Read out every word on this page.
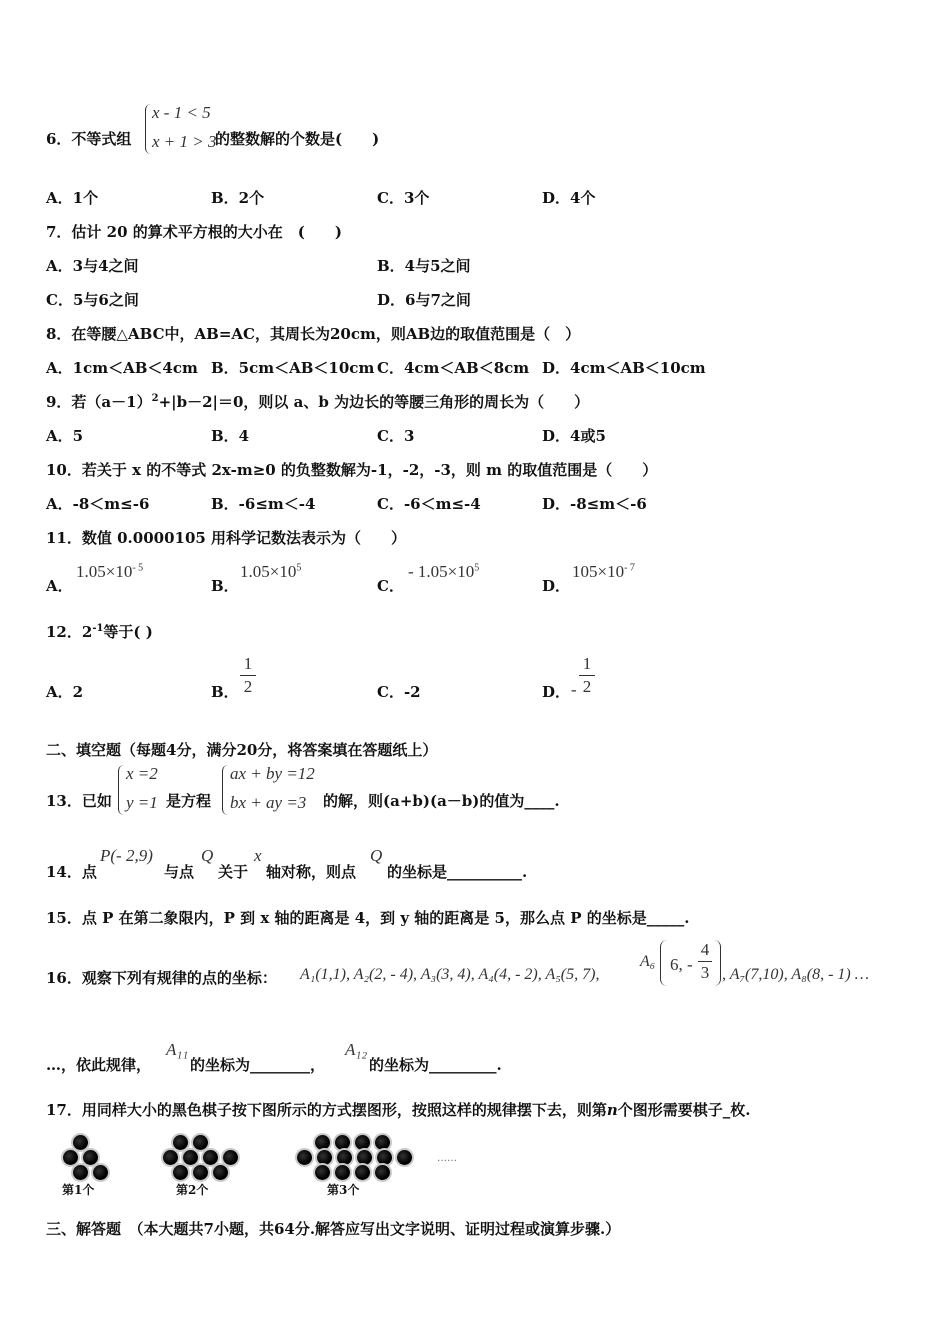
6．不等式组
x - 1 < 5
x + 1 > 3
的整数解的个数是(　　)
A．1个	B．2个	C．3个	D．4个
7．估计 20 的算术平方根的大小在　(　　)
A．3与4之间	B．4与5之间
C．5与6之间	D．6与7之间
8．在等腰△ABC中，AB=AC，其周长为20cm，则AB边的取值范围是（　）
A．1cm＜AB＜4cm B．5cm＜AB＜10cm C．4cm＜AB＜8cm D．4cm＜AB＜10cm
9．若$(a-1)^2+|b-2|=0$，则以 a、b 为边长的等腰三角形的周长为（　　）
A．5	B．4	C．3	D．4或5
10．若关于 x 的不等式 2x-m≥0 的负整数解为-1，-2，-3，则 m 的取值范围是（　　）
A．-8＜m≤-6	B．-6≤m＜-4	C．-6＜m≤-4	D．-8≤m＜-6
11．数值 0.0000105 用科学记数法表示为（　　）
A．
$1.05\times 10^{- 5}$
B．
$1.05\times 10^5$
C．
- $1.05\times 10^5$
D．
$105\times 10^{- 7}$
12．$2^{-1}$等于( )
A．2	B．
1
2	C．-2	D． -
1
2
二、填空题（每题4分，满分20分，将答案填在答题纸上）
13．已如
x =2
y =1 是方程
ax + by =12
bx + ay =3 的解，则(a+b)(a－b)的值为____.
14．点
P(- 2,9)
与点
Q
关于
x
轴对称，则点
Q
的坐标是__________.
15．点 P 在第二象限内，P 到 x 轴的距离是 4，到 y 轴的距离是 5，那么点 P 的坐标是_____.
16．观察下列有规律的点的坐标： A₁(1,1), A₂(2, - 4), A₃(3, 4), A₄(4, - 2), A₅(5, 7),
A₆ 6, -
4
3 , A₇(7,10), A₈(8, - 1) …
…，依此规律，
A₁₁
的坐标为________，
A₁₂
的坐标为_________.
17．用同样大小的黑色棋子按下图所示的方式摆图形，按照这样的规律摆下去，则第n个图形需要棋子_枚.
第1个	第2个	第3个
……
三、解答题　（本大题共7小题，共64分.解答应写出文字说明、证明过程或演算步骤.）
